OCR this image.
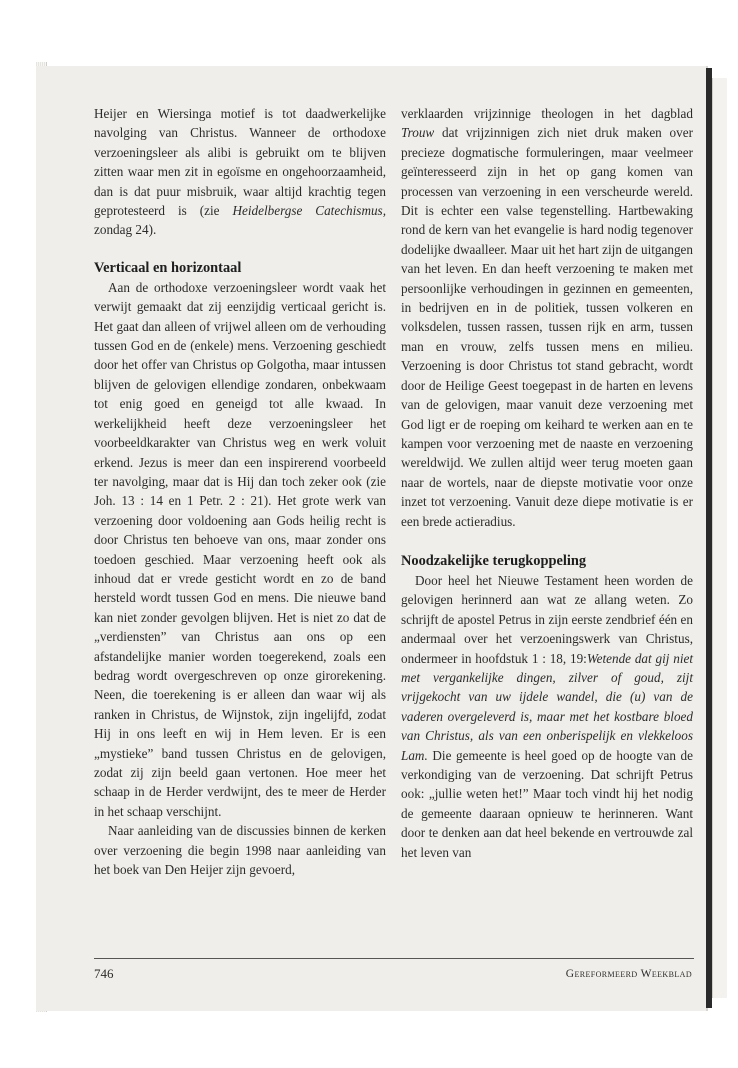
Heijer en Wiersinga motief is tot daadwerkelijke navolging van Christus. Wanneer de orthodoxe verzoeningsleer als alibi is gebruikt om te blijven zitten waar men zit in egoïsme en ongehoorzaamheid, dan is dat puur misbruik, waar altijd krachtig tegen geprotesteerd is (zie Heidelbergse Catechismus, zondag 24).

Verticaal en horizontaal

Aan de orthodoxe verzoeningsleer wordt vaak het verwijt gemaakt dat zij eenzijdig verticaal gericht is. Het gaat dan alleen of vrijwel alleen om de verhouding tussen God en de (enkele) mens. Verzoening geschiedt door het offer van Christus op Golgotha, maar intussen blijven de gelovigen ellendige zondaren, onbekwaam tot enig goed en geneigd tot alle kwaad. In werkelijkheid heeft deze verzoeningsleer het voorbeeldkarakter van Christus weg en werk voluit erkend. Jezus is meer dan een inspirerend voorbeeld ter navolging, maar dat is Hij dan toch zeker ook (zie Joh. 13 : 14 en 1 Petr. 2 : 21). Het grote werk van verzoening door voldoening aan Gods heilig recht is door Christus ten behoeve van ons, maar zonder ons toedoen geschied. Maar verzoening heeft ook als inhoud dat er vrede gesticht wordt en zo de band hersteld wordt tussen God en mens. Die nieuwe band kan niet zonder gevolgen blijven. Het is niet zo dat de „verdiensten” van Christus aan ons op een afstandelijke manier worden toegerekend, zoals een bedrag wordt overgeschreven op onze girorekening. Neen, die toerekening is er alleen dan waar wij als ranken in Christus, de Wijnstok, zijn ingelijfd, zodat Hij in ons leeft en wij in Hem leven. Er is een „mystieke” band tussen Christus en de gelovigen, zodat zij zijn beeld gaan vertonen. Hoe meer het schaap in de Herder verdwijnt, des te meer de Herder in het schaap verschijnt.

Naar aanleiding van de discussies binnen de kerken over verzoening die begin 1998 naar aanleiding van het boek van Den Heijer zijn gevoerd,

verklaarden vrijzinnige theologen in het dagblad Trouw dat vrijzinnigen zich niet druk maken over precieze dogmatische formuleringen, maar veelmeer geïnteresseerd zijn in het op gang komen van processen van verzoening in een verscheurde wereld. Dit is echter een valse tegenstelling. Hartbewaking rond de kern van het evangelie is hard nodig tegenover dodelijke dwaalleer. Maar uit het hart zijn de uitgangen van het leven. En dan heeft verzoening te maken met persoonlijke verhoudingen in gezinnen en gemeenten, in bedrijven en in de politiek, tussen volkeren en volksdelen, tussen rassen, tussen rijk en arm, tussen man en vrouw, zelfs tussen mens en milieu. Verzoening is door Christus tot stand gebracht, wordt door de Heilige Geest toegepast in de harten en levens van de gelovigen, maar vanuit deze verzoening met God ligt er de roeping om keihard te werken aan en te kampen voor verzoening met de naaste en verzoening wereldwijd. We zullen altijd weer terug moeten gaan naar de wortels, naar de diepste motivatie voor onze inzet tot verzoening. Vanuit deze diepe motivatie is er een brede actieradius.

Noodzakelijke terugkoppeling

Door heel het Nieuwe Testament heen worden de gelovigen herinnerd aan wat ze allang weten. Zo schrijft de apostel Petrus in zijn eerste zendbrief één en andermaal over het verzoeningswerk van Christus, ondermeer in hoofdstuk 1 : 18, 19:Wetende dat gij niet met vergankelijke dingen, zilver of goud, zijt vrijgekocht van uw ijdele wandel, die (u) van de vaderen overgeleverd is, maar met het kostbare bloed van Christus, als van een onberispelijk en vlekkeloos Lam. Die gemeente is heel goed op de hoogte van de verkondiging van de verzoening. Dat schrijft Petrus ook: „jullie weten het!” Maar toch vindt hij het nodig de gemeente daaraan opnieuw te herinneren. Want door te denken aan dat heel bekende en vertrouwde zal het leven van

746	Gereformeerd Weekblad
